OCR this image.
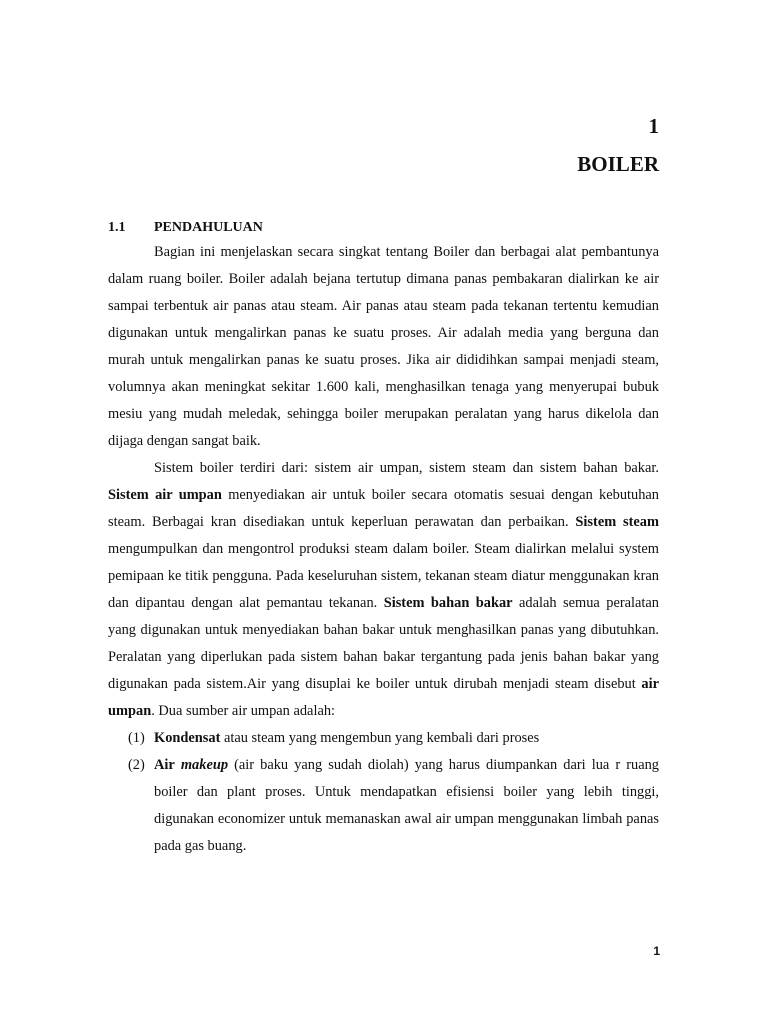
1
BOILER
1.1 PENDAHULUAN

Bagian ini menjelaskan secara singkat tentang Boiler dan berbagai alat pembantunya dalam ruang boiler. Boiler adalah bejana tertutup dimana panas pembakaran dialirkan ke air sampai terbentuk air panas atau steam. Air panas atau steam pada tekanan tertentu kemudian digunakan untuk mengalirkan panas ke suatu proses. Air adalah media yang berguna dan murah untuk mengalirkan panas ke suatu proses. Jika air dididihkan sampai menjadi steam, volumnya akan meningkat sekitar 1.600 kali, menghasilkan tenaga yang menyerupai bubuk mesiu yang mudah meledak, sehingga boiler merupakan peralatan yang harus dikelola dan dijaga dengan sangat baik.

Sistem boiler terdiri dari: sistem air umpan, sistem steam dan sistem bahan bakar. Sistem air umpan menyediakan air untuk boiler secara otomatis sesuai dengan kebutuhan steam. Berbagai kran disediakan untuk keperluan perawatan dan perbaikan. Sistem steam mengumpulkan dan mengontrol produksi steam dalam boiler. Steam dialirkan melalui system pemipaan ke titik pengguna. Pada keseluruhan sistem, tekanan steam diatur menggunakan kran dan dipantau dengan alat pemantau tekanan. Sistem bahan bakar adalah semua peralatan yang digunakan untuk menyediakan bahan bakar untuk menghasilkan panas yang dibutuhkan. Peralatan yang diperlukan pada sistem bahan bakar tergantung pada jenis bahan bakar yang digunakan pada sistem.Air yang disuplai ke boiler untuk dirubah menjadi steam disebut air umpan. Dua sumber air umpan adalah:

(1) Kondensat atau steam yang mengembun yang kembali dari proses
(2) Air makeup (air baku yang sudah diolah) yang harus diumpankan dari lua r ruang boiler dan plant proses. Untuk mendapatkan efisiensi boiler yang lebih tinggi, digunakan economizer untuk memanaskan awal air umpan menggunakan limbah panas pada gas buang.
1
